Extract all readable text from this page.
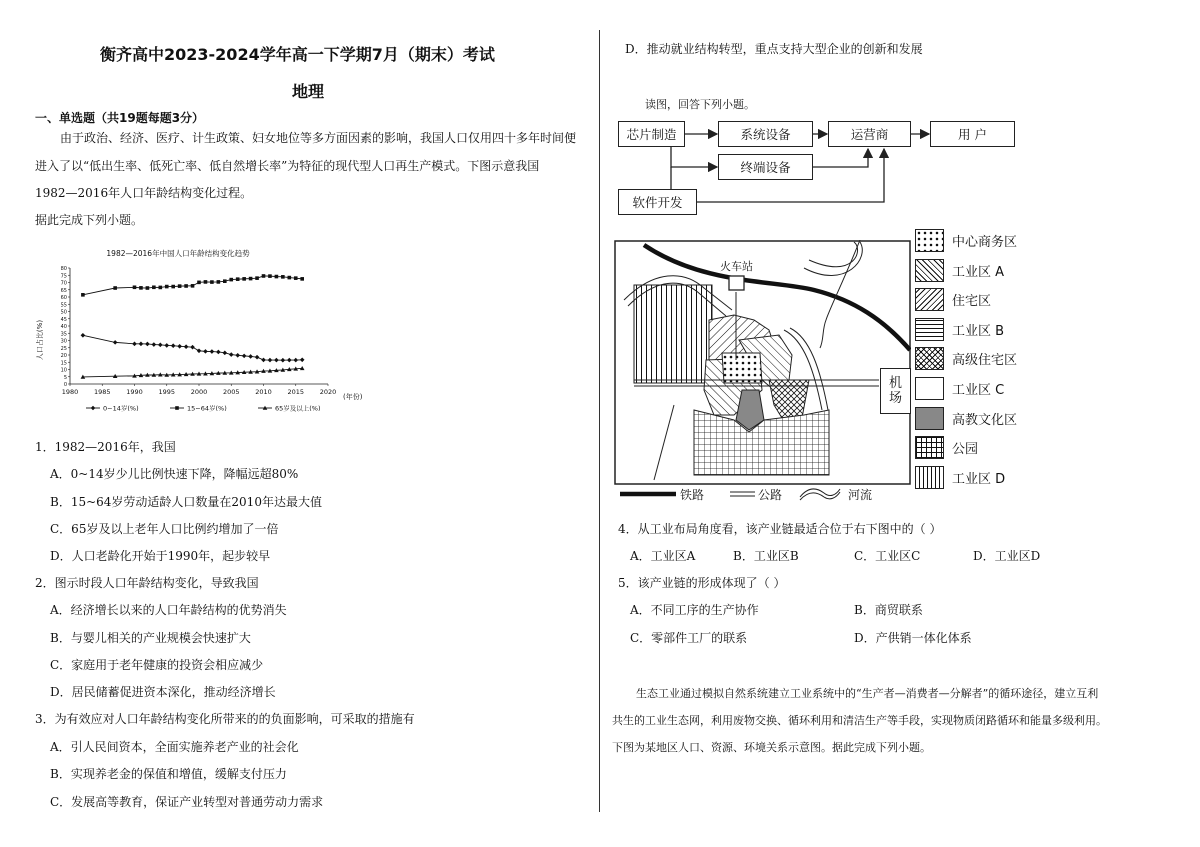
衡齐高中2023-2024学年高一下学期7月（期末）考试
地理
一、单选题（共19题每题3分）
由于政治、经济、医疗、计生政策、妇女地位等多方面因素的影响，我国人口仅用四十多年时间便
进入了以“低出生率、低死亡率、低自然增长率”为特征的现代型人口再生产模式。下图示意我国
1982—2016年人口年龄结构变化过程。
据此完成下列小题。
1982—2016年中国人口年龄结构变化趋势
0
5
10
15
20
25
30
35
40
45
50
55
60
65
70
75
80
1980 1985 1990 1995 2000 2005 2010 2015 2020
0~14岁(%)	15~64岁(%)	65岁及以上(%)
人口占比(%)
(年份)
1．1982—2016年，我国
A．0~14岁少儿比例快速下降，降幅远超80%
B．15~64岁劳动适龄人口数量在2010年达最大值
C．65岁及以上老年人口比例约增加了一倍
D．人口老龄化开始于1990年，起步较早
2．图示时段人口年龄结构变化，导致我国
A．经济增长以来的人口年龄结构的优势消失
B．与婴儿相关的产业规模会快速扩大
C．家庭用于老年健康的投资会相应减少
D．居民储蓄促进资本深化，推动经济增长
3．为有效应对人口年龄结构变化所带来的的负面影响，可采取的措施有
A．引人民间资本，全面实施养老产业的社会化
B．实现养老金的保值和增值，缓解支付压力
C．发展高等教育，保证产业转型对普通劳动力需求
D．推动就业结构转型，重点支持大型企业的创新和发展
读图，回答下列小题。
芯片制造	系统设备	运营商	用 户
终端设备
软件开发
火车站
机场
中心商务区
工业区 A
住宅区
工业区 B
高级住宅区
工业区 C
高教文化区
公园
工业区 D
铁路	公路	河流
4．从工业布局角度看，该产业链最适合位于右下图中的（ ）
A．工业区A	B．工业区B	C．工业区C	D．工业区D
5．该产业链的形成体现了（ ）
A．不同工序的生产协作	B．商贸联系
C．零部件工厂的联系	D．产供销一体化体系
生态工业通过模拟自然系统建立工业系统中的“生产者—消费者—分解者”的循环途径，建立互利
共生的工业生态网，利用废物交换、循环利用和清洁生产等手段，实现物质闭路循环和能量多级利用。
下图为某地区人口、资源、环境关系示意图。据此完成下列小题。
